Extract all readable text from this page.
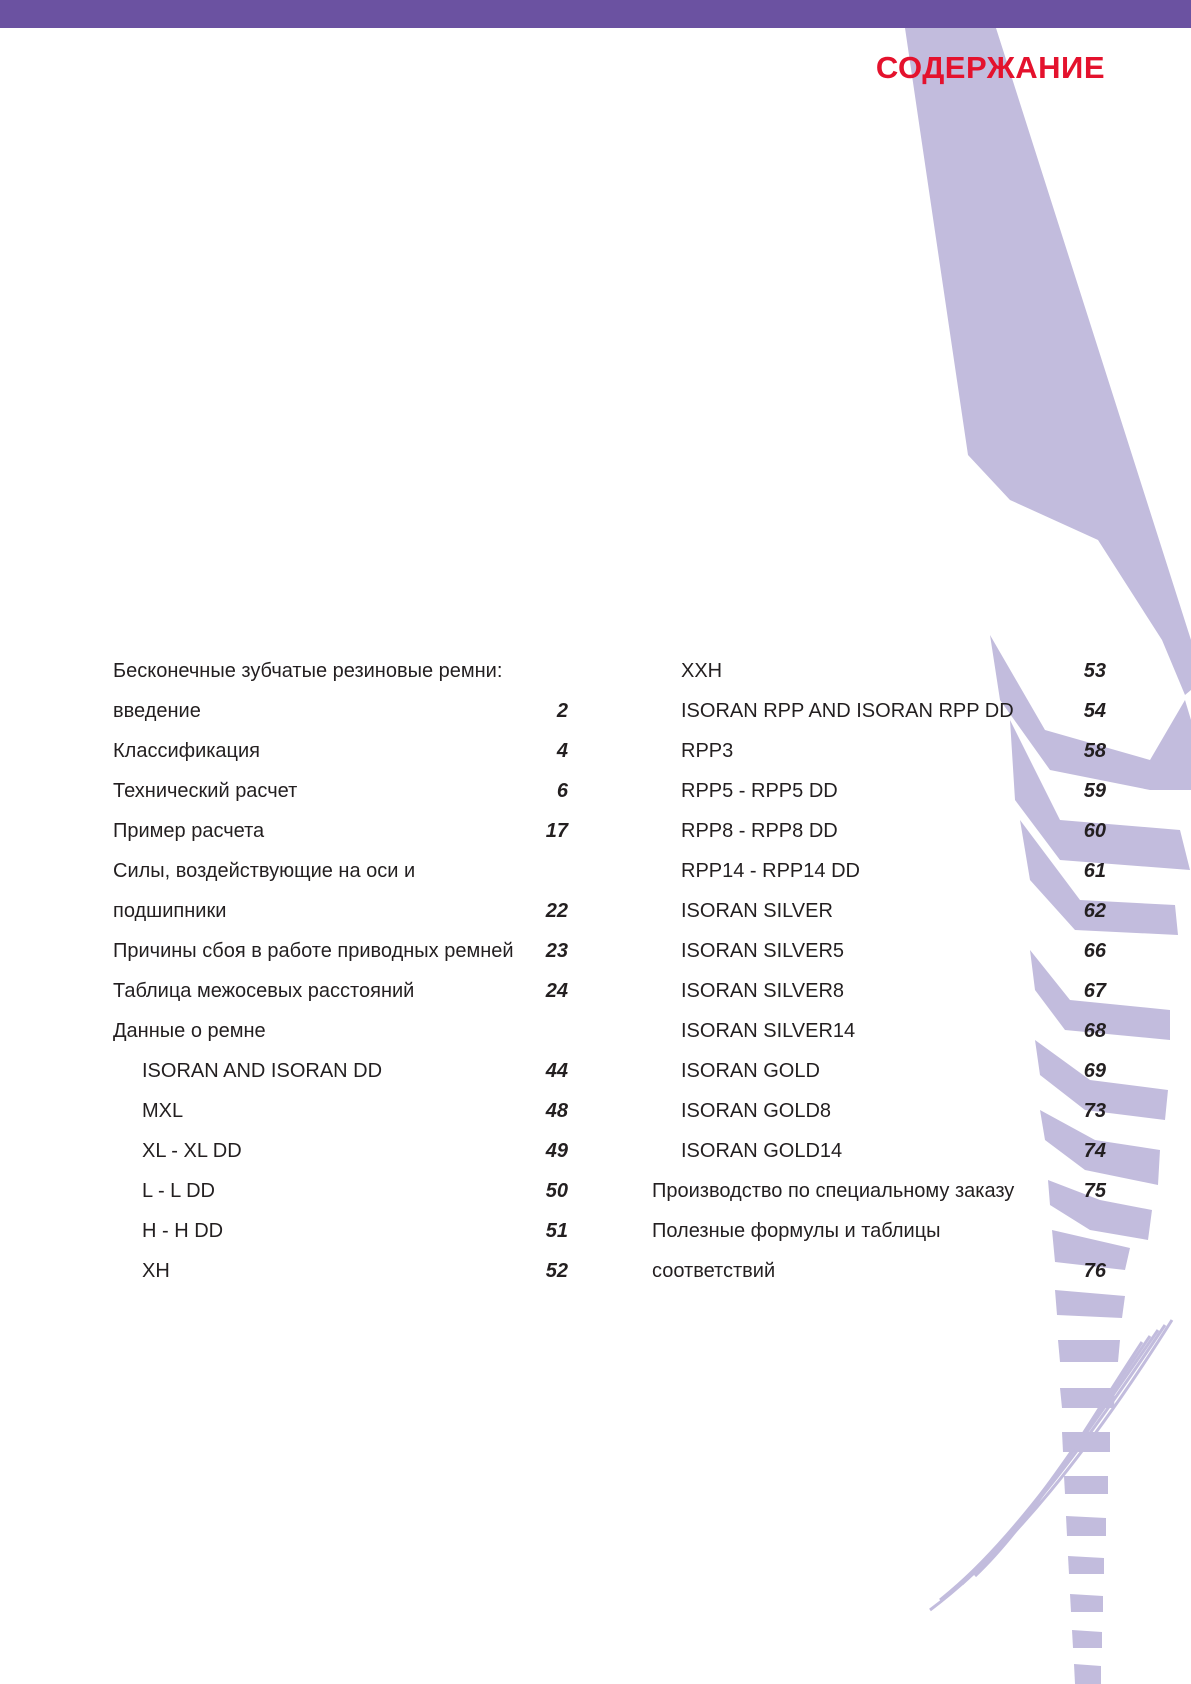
СОДЕРЖАНИЕ
Бесконечные зубчатые резиновые ремни:
введение	2
Классификация	4
Технический расчет	6
Пример расчета	17
Силы, воздействующие на оси и
подшипники	22
Причины сбоя в работе приводных ремней 23
Таблица межосевых расстояний	24
Данные о ремне
ISORAN AND ISORAN DD	44
MXL	48
XL - XL DD	49
L - L DD	50
H - H DD	51
XH	52
XXH	53
ISORAN RPP AND ISORAN RPP DD	54
RPP3	58
RPP5 - RPP5 DD	59
RPP8 - RPP8 DD	60
RPP14 - RPP14 DD	61
ISORAN SILVER	62
ISORAN SILVER5	66
ISORAN SILVER8	67
ISORAN SILVER14	68
ISORAN GOLD	69
ISORAN GOLD8	73
ISORAN GOLD14	74
Производство по специальному заказу	75
Полезные формулы и таблицы
соответствий	76
